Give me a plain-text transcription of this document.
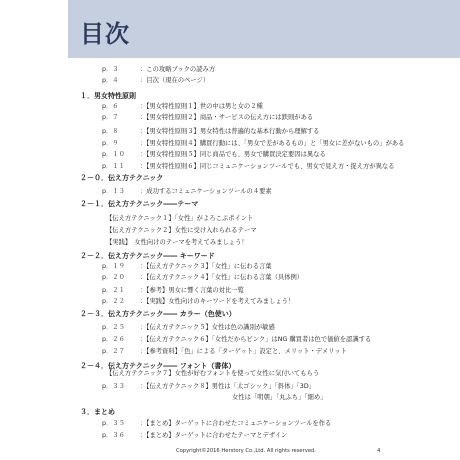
目次
p．３	：この攻略ブックの読み方
p．４	：目次（現在のページ）
１．男女特性原則
p．６	：【男女特性原則１】世の中は男と女の２種
p．７	：【男女特性原則２】商品・サービスの伝え方には鉄則がある
p．８	：【男女特性原則３】男女特性は普遍的な基本行動から理解する
p．９	：【男女特性原則４】購買行動には、「男女で差があるもの」と「男女に差がないもの」がある
p．１０ ：【男女特性原則５】同じ商品でも、男女で購買決定要因は異なる
p．１１ ：【男女特性原則６】同じコミュニケーションツールでも、男女で見え方・捉え方が異なる
２－０．伝え方テクニック
p．１３ ：成功するコミュニケーションツールの４要素
２－１．伝え方テクニック――テーマ
【伝え方テクニック１】「女性」がよろこぶポイント
【伝え方テクニック２】女性に受け入れられるテーマ
【実践】　女性向けのテーマを考えてみましょう！
２－２．伝え方テクニック―― キーワード
p．１９ ：【伝え方テクニック３】「女性」に伝わる言葉
p．２０ ：【伝え方テクニック４】「女性」に伝わる言葉（具体例）
p．２１ ：【参考】男女に響く言葉の対比一覧
p．２２ ：【実践】女性向けのキーワードを考えてみましょう！
２－３．伝え方テクニック―― カラー（色使い）
p．２５ ：【伝え方テクニック５】女性は色の識別が敏感
p．２６ ：【伝え方テクニック６】「女性だからピンク」はNG 購買者は色で価値を認識する
p．２７ ：【参考資料】「色」による「ターゲット」設定と、メリット・デメリット
２－４．伝え方テクニック―― フォント（書体）
【伝え方テクニック７】女性が好むフォントを使って女性に気付いてもらう
p．３３ ：【伝え方テクニック８】男性は「太ゴシック」「斜体」「3D」
女性は「明朝」「丸ふち」「細め」
３．まとめ
p．３５ ：【まとめ】ターゲットに合わせたコミュニケーションツールを作る
p．３６ ：【まとめ】ターゲットに合わせたテーマとデザイン
Copyright©2016 Herstory Co.,Ltd. All rights reserved.	4
